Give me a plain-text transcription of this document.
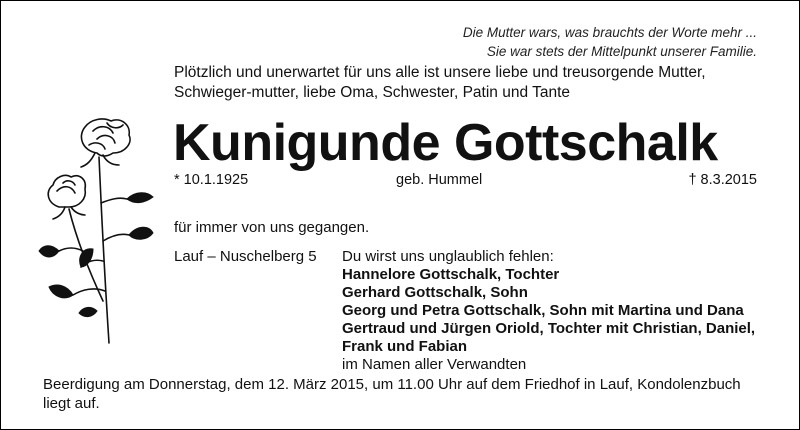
Die Mutter wars, was brauchts der Worte mehr ...
Sie war stets der Mittelpunkt unserer Familie.
Plötzlich und unerwartet für uns alle ist unsere liebe und treusorgende Mutter, Schwieger-mutter, liebe Oma, Schwester, Patin und Tante
Kunigunde Gottschalk
* 10.1.1925	geb. Hummel	† 8.3.2015
für immer von uns gegangen.
Lauf – Nuschelberg 5 Du wirst uns unglaublich fehlen:
Hannelore Gottschalk, Tochter
Gerhard Gottschalk, Sohn
Georg und Petra Gottschalk, Sohn mit Martina und Dana
Gertraud und Jürgen Oriold, Tochter mit Christian, Daniel,
Frank und Fabian
im Namen aller Verwandten
Beerdigung am Donnerstag, dem 12. März 2015, um 11.00 Uhr auf dem Friedhof in Lauf, Kondolenzbuch liegt auf.
